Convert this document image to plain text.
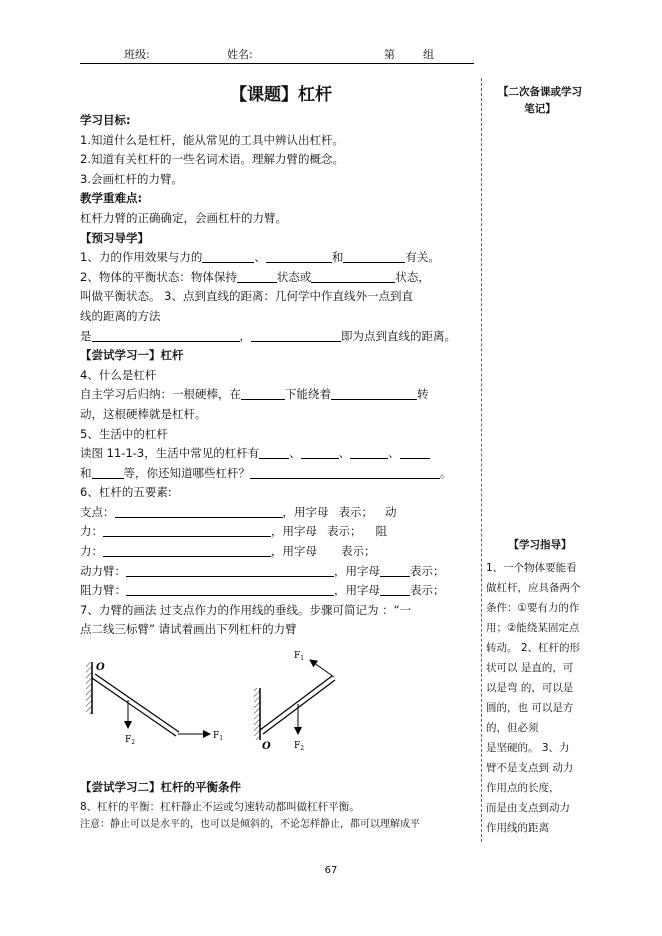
班级:	姓名:	第	组
【课题】杠杆
学习目标:
1.知道什么是杠杆，能从常见的工具中辨认出杠杆。
2.知道有关杠杆的一些名词术语。理解力臂的概念。
3.会画杠杆的力臂。
教学重难点:
杠杆力臂的正确确定，会画杠杆的力臂。
【预习导学】
1、力的作用效果与力的	、	和	有关。
2、物体的平衡状态：物体保持	状态或	状态，
叫做平衡状态。 3、点到直线的距离：几何学中作直线外一点到直
线的距离的方法
是	，	即为点到直线的距离。
【尝试学习一】杠杆
4、什么是杠杆
自主学习后归纳：一根硬棒，在	下能绕着	转
动，这根硬棒就是杠杆。
5、生活中的杠杆
读图 11-1-3，生活中常见的杠杆有	、	、	、
和	等，你还知道哪些杠杆？	。
6、杠杆的五要素:
支点：	，用字母 表示； 动
力：	，用字母 表示； 阻
力：	，用字母 表示；
动力臂：	，用字母	表示；
阻力臂：	，用字母	表示；
7、力臂的画法 过支点作力的作用线的垂线。步骤可简记为 ：“一
点二线三标臂” 请试着画出下列杠杆的力臂
O
$F_2$
$F_1$
O	$F_2$
$F_1$
【尝试学习二】杠杆的平衡条件
8、杠杆的平衡：杠杆静止不运或匀速转动都叫做杠杆平衡。
注意：静止可以是水平的，也可以是倾斜的，不论怎样静止，都可以理解成平
【二次备课或学习
笔记】
【学习指导】
1、一个物体要能看
做杠杆，应具备两个
条件：①要有力的作
用；②能绕某固定点
转动。 2、杠杆的形
状可以 是直的，可
以是弯 的，可以是
圆的，也 可以是方
的，但必须
是坚硬的。 3、力
臂不是支点到 动力
作用点的长度，
而是由支点到动力
作用线的距离
67
